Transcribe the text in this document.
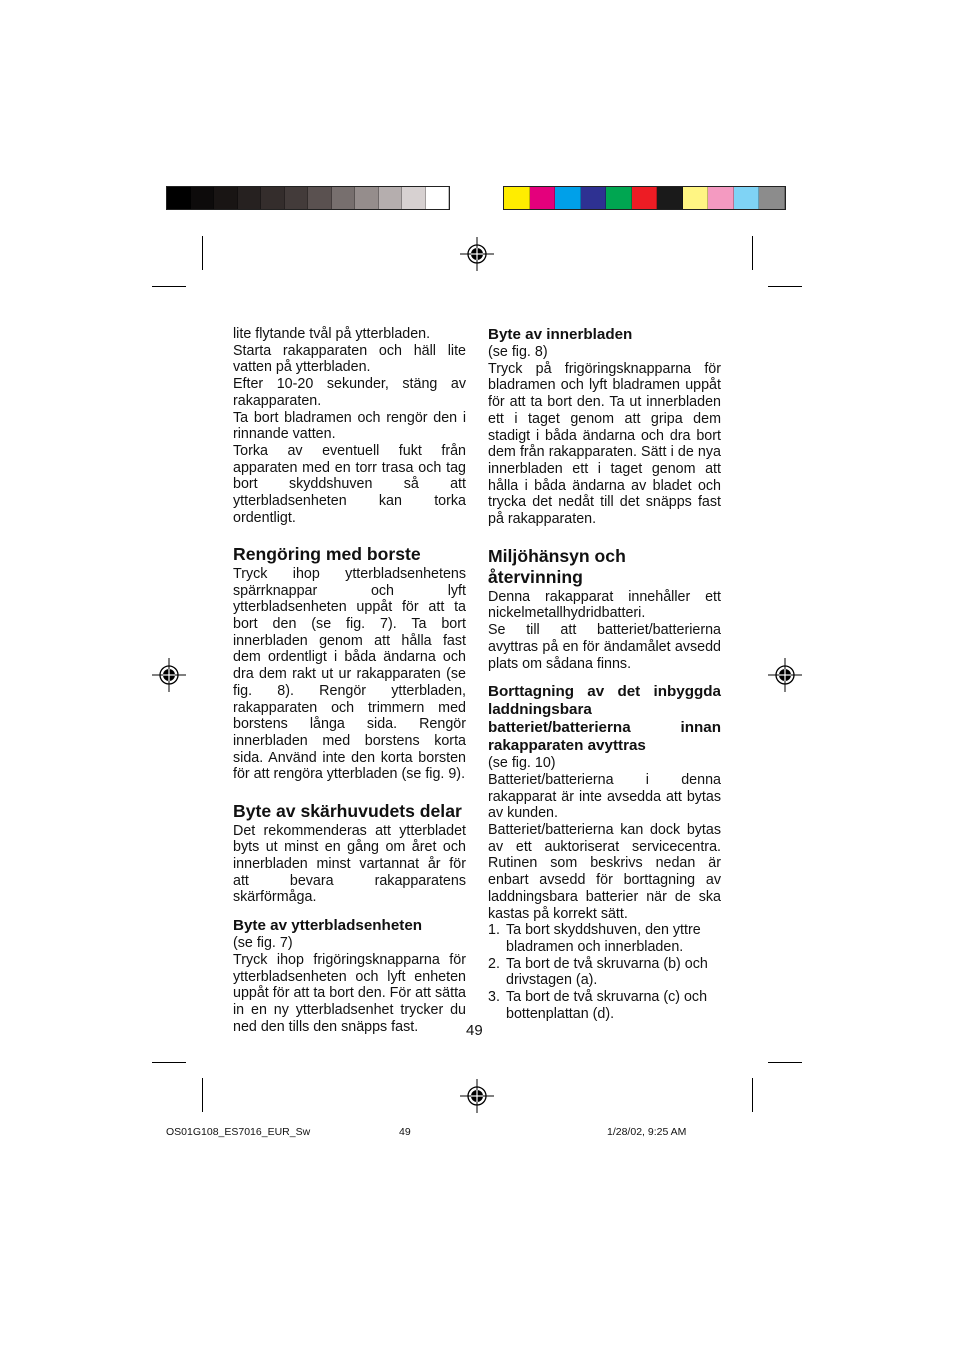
lite flytande tvål på ytterbladen.

Starta rakapparaten och häll lite vatten på ytterbladen.

Efter 10-20 sekunder, stäng av rakapparaten.

Ta bort bladramen och rengör den i rinnande vatten.

Torka av eventuell fukt från apparaten med en torr trasa och tag bort skyddshuven så att ytterbladsenheten kan torka ordentligt.

Rengöring med borste

Tryck ihop ytterbladsenhetens spärrknappar och lyft ytterbladsenheten uppåt för att ta bort den (se fig. 7). Ta bort innerbladen genom att hålla fast dem ordentligt i båda ändarna och dra dem rakt ut ur rakapparaten (se fig. 8). Rengör ytterbladen, rakapparaten och trimmern med borstens långa sida. Rengör innerbladen med borstens korta sida. Använd inte den korta borsten för att rengöra ytterbladen (se fig. 9).

Byte av skärhuvudets delar

Det rekommenderas att ytterbladet byts ut minst en gång om året och innerbladen minst vartannat år för att bevara rakapparatens skärförmåga.

Byte av ytterbladsenheten

(se fig. 7)

Tryck ihop frigöringsknapparna för ytterbladsenheten och lyft enheten uppåt för att ta bort den. För att sätta in en ny ytterbladsenhet trycker du ned den tills den snäpps fast.

Byte av innerbladen

(se fig. 8)

Tryck på frigöringsknapparna för bladramen och lyft bladramen uppåt för att ta bort den. Ta ut innerbladen ett i taget genom att gripa dem stadigt i båda ändarna och dra bort dem från rakapparaten. Sätt i de nya innerbladen ett i taget genom att hålla i båda ändarna av bladet och trycka det nedåt till det snäpps fast på rakapparaten.

Miljöhänsyn och återvinning

Denna rakapparat innehåller ett nickelmetallhydridbatteri.

Se till att batteriet/batterierna avyttras på en för ändamålet avsedd plats om sådana finns.

Borttagning av det inbyggda laddningsbara batteriet/batterierna innan rakapparaten avyttras

(se fig. 10)

Batteriet/batterierna i denna rakapparat är inte avsedda att bytas av kunden.

Batteriet/batterierna kan dock bytas av ett auktoriserat servicecentra. Rutinen som beskrivs nedan är enbart avsedd för borttagning av laddningsbara batterier när de ska kastas på korrekt sätt.

1. Ta bort skyddshuven, den yttre bladramen och innerbladen.
2. Ta bort de två skruvarna (b) och drivstagen (a).
3. Ta bort de två skruvarna (c) och bottenplattan (d).
49
OS01G108_ES7016_EUR_Sw	49	1/28/02, 9:25 AM
